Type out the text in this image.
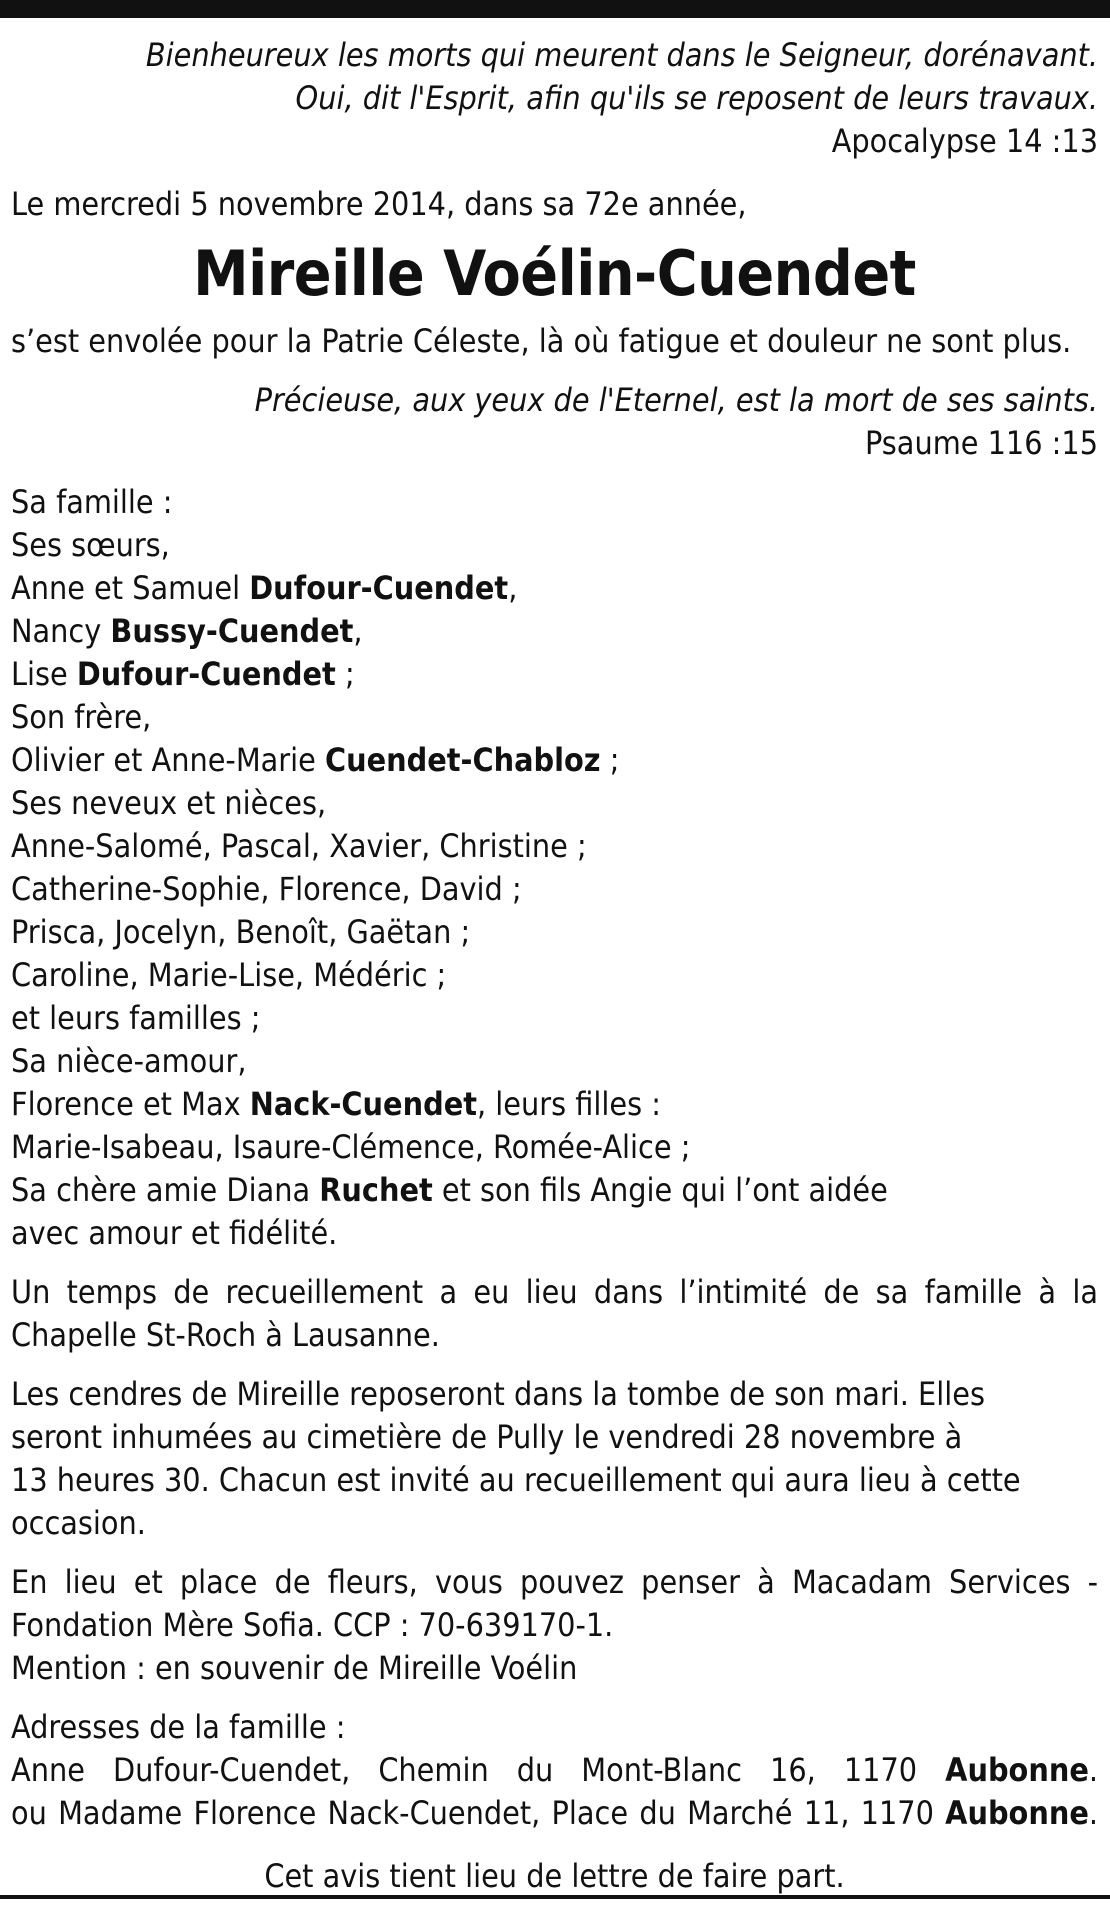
Bienheureux les morts qui meurent dans le Seigneur, dorénavant.
Oui, dit l'Esprit, afin qu'ils se reposent de leurs travaux.
Apocalypse 14 :13
Le mercredi 5 novembre 2014, dans sa 72e année,
Mireille Voélin-Cuendet
s’est envolée pour la Patrie Céleste, là où fatigue et douleur ne sont plus.
Précieuse, aux yeux de l'Eternel, est la mort de ses saints.
Psaume 116 :15
Sa famille :
Ses sœurs,
Anne et Samuel Dufour-Cuendet,
Nancy Bussy-Cuendet,
Lise Dufour-Cuendet ;
Son frère,
Olivier et Anne-Marie Cuendet-Chabloz ;
Ses neveux et nièces,
Anne-Salomé, Pascal, Xavier, Christine ;
Catherine-Sophie, Florence, David ;
Prisca, Jocelyn, Benoît, Gaëtan ;
Caroline, Marie-Lise, Médéric ;
et leurs familles ;
Sa nièce-amour,
Florence et Max Nack-Cuendet, leurs filles :
Marie-Isabeau, Isaure-Clémence, Romée-Alice ;
Sa chère amie Diana Ruchet et son fils Angie qui l’ont aidée
avec amour et fidélité.
Un temps de recueillement a eu lieu dans l’intimité de sa famille à la
Chapelle St-Roch à Lausanne.
Les cendres de Mireille reposeront dans la tombe de son mari. Elles
seront inhumées au cimetière de Pully le vendredi 28 novembre à
13 heures 30. Chacun est invité au recueillement qui aura lieu à cette
occasion.
En lieu et place de fleurs, vous pouvez penser à Macadam Services -
Fondation Mère Sofia. CCP : 70-639170-1.
Mention : en souvenir de Mireille Voélin
Adresses de la famille :
Anne Dufour-Cuendet, Chemin du Mont-Blanc 16, 1170 Aubonne.
ou Madame Florence Nack-Cuendet, Place du Marché 11, 1170 Aubonne.
Cet avis tient lieu de lettre de faire part.
